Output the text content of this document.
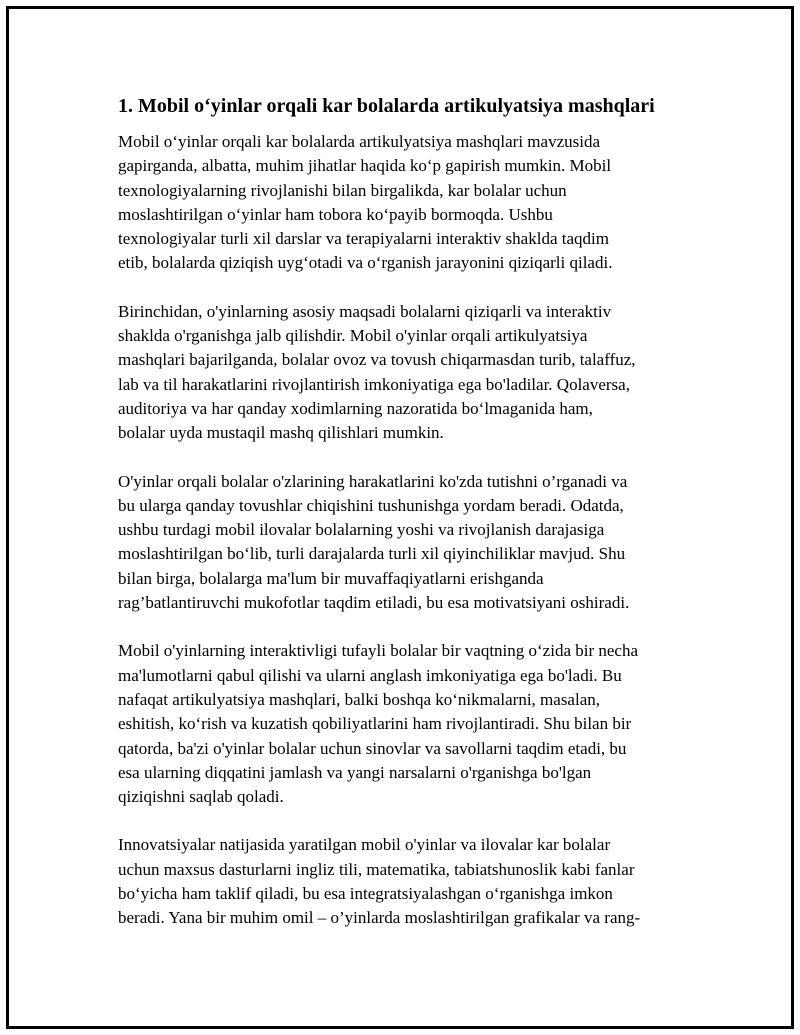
1. Mobil o‘yinlar orqali kar bolalarda artikulyatsiya mashqlari

Mobil o‘yinlar orqali kar bolalarda artikulyatsiya mashqlari mavzusida
gapirganda, albatta, muhim jihatlar haqida ko‘p gapirish mumkin. Mobil
texnologiyalarning rivojlanishi bilan birgalikda, kar bolalar uchun
moslashtirilgan o‘yinlar ham tobora ko‘payib bormoqda. Ushbu
texnologiyalar turli xil darslar va terapiyalarni interaktiv shaklda taqdim
etib, bolalarda qiziqish uyg‘otadi va o‘rganish jarayonini qiziqarli qiladi.

Birinchidan, o'yinlarning asosiy maqsadi bolalarni qiziqarli va interaktiv
shaklda o'rganishga jalb qilishdir. Mobil o'yinlar orqali artikulyatsiya
mashqlari bajarilganda, bolalar ovoz va tovush chiqarmasdan turib, talaffuz,
lab va til harakatlarini rivojlantirish imkoniyatiga ega bo'ladilar. Qolaversa,
auditoriya va har qanday xodimlarning nazoratida bo‘lmaganida ham,
bolalar uyda mustaqil mashq qilishlari mumkin.

O'yinlar orqali bolalar o'zlarining harakatlarini ko'zda tutishni o’rganadi va
bu ularga qanday tovushlar chiqishini tushunishga yordam beradi. Odatda,
ushbu turdagi mobil ilovalar bolalarning yoshi va rivojlanish darajasiga
moslashtirilgan bo‘lib, turli darajalarda turli xil qiyinchiliklar mavjud. Shu
bilan birga, bolalarga ma'lum bir muvaffaqiyatlarni erishganda
rag’batlantiruvchi mukofotlar taqdim etiladi, bu esa motivatsiyani oshiradi.

Mobil o'yinlarning interaktivligi tufayli bolalar bir vaqtning o‘zida bir necha
ma'lumotlarni qabul qilishi va ularni anglash imkoniyatiga ega bo'ladi. Bu
nafaqat artikulyatsiya mashqlari, balki boshqa ko‘nikmalarni, masalan,
eshitish, ko‘rish va kuzatish qobiliyatlarini ham rivojlantiradi. Shu bilan bir
qatorda, ba'zi o'yinlar bolalar uchun sinovlar va savollarni taqdim etadi, bu
esa ularning diqqatini jamlash va yangi narsalarni o'rganishga bo'lgan
qiziqishni saqlab qoladi.

Innovatsiyalar natijasida yaratilgan mobil o'yinlar va ilovalar kar bolalar
uchun maxsus dasturlarni ingliz tili, matematika, tabiatshunoslik kabi fanlar
bo‘yicha ham taklif qiladi, bu esa integratsiyalashgan o‘rganishga imkon
beradi. Yana bir muhim omil – o’yinlarda moslashtirilgan grafikalar va rang-
